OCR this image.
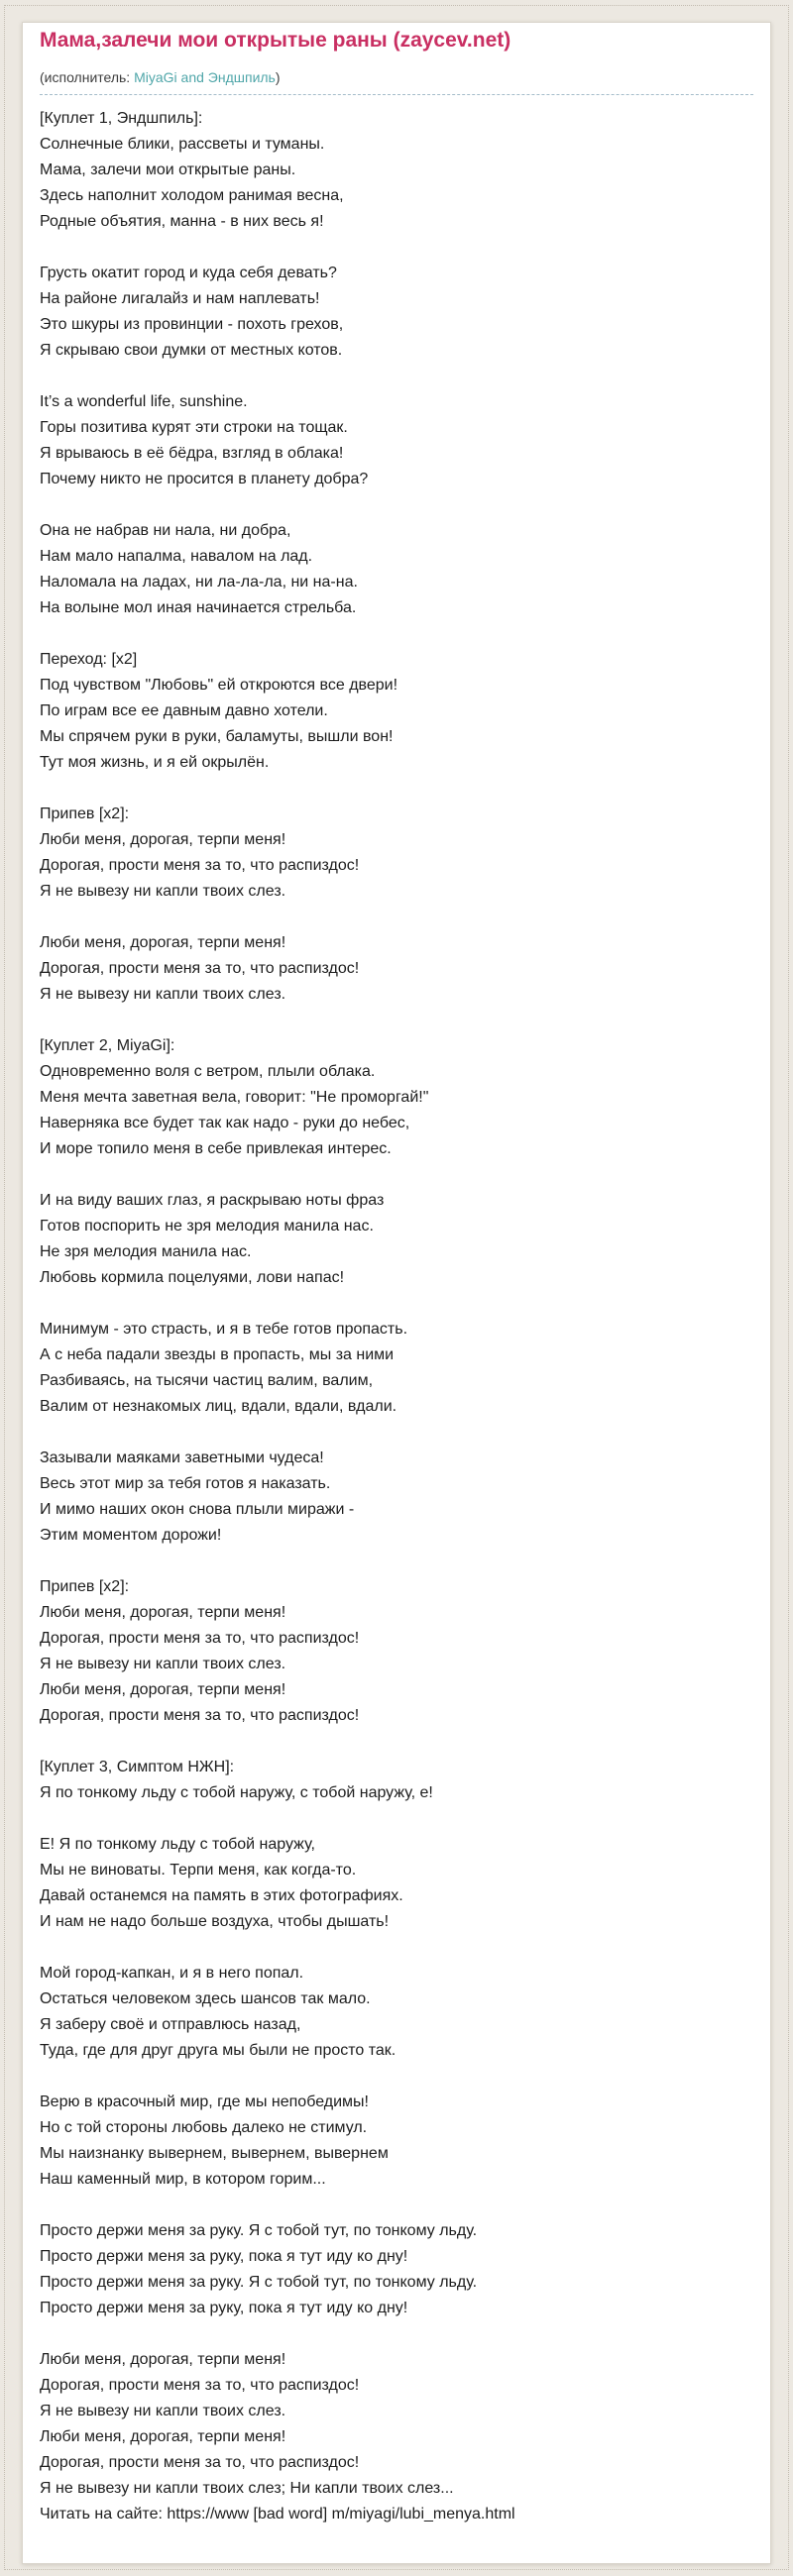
Мама,залечи мои открытые раны (zaycev.net)
(исполнитель: MiyaGi and Эндшпиль)
[Куплет 1, Эндшпиль]:
Солнечные блики, рассветы и туманы.
Мама, залечи мои открытые раны.
Здесь наполнит холодом ранимая весна,
Родные объятия, манна - в них весь я!
Грусть окатит город и куда себя девать?
На районе лигалайз и нам наплевать!
Это шкуры из провинции - похоть грехов,
Я скрываю свои думки от местных котов.
It’s a wonderful life, sunshine.
Горы позитива курят эти строки на тощак.
Я врываюсь в её бёдра, взгляд в облака!
Почему никто не просится в планету добра?
Она не набрав ни нала, ни добра,
Нам мало напалма, навалом на лад.
Наломала на ладах, ни ла-ла-ла, ни на-на.
На волыне мол иная начинается стрельба.
Переход: [x2]
Под чувством "Любовь" ей откроются все двери!
По играм все ее давным давно хотели.
Мы спрячем руки в руки, баламуты, вышли вон!
Тут моя жизнь, и я ей окрылён.
Припев [x2]:
Люби меня, дорогая, терпи меня!
Дорогая, прости меня за то, что распиздос!
Я не вывезу ни капли твоих слез.
Люби меня, дорогая, терпи меня!
Дорогая, прости меня за то, что распиздос!
Я не вывезу ни капли твоих слез.
[Куплет 2, MiyaGi]:
Одновременно воля с ветром, плыли облака.
Меня мечта заветная вела, говорит: "Не проморгай!"
Наверняка все будет так как надо - руки до небес,
И море топило меня в себе привлекая интерес.
И на виду ваших глаз, я раскрываю ноты фраз
Готов поспорить не зря мелодия манила нас.
Не зря мелодия манила нас.
Любовь кормила поцелуями, лови напас!
Минимум - это страсть, и я в тебе готов пропасть.
А с неба падали звезды в пропасть, мы за ними
Разбиваясь, на тысячи частиц валим, валим,
Валим от незнакомых лиц, вдали, вдали, вдали.
Зазывали маяками заветными чудеса!
Весь этот мир за тебя готов я наказать.
И мимо наших окон снова плыли миражи -
Этим моментом дорожи!
Припев [x2]:
Люби меня, дорогая, терпи меня!
Дорогая, прости меня за то, что распиздос!
Я не вывезу ни капли твоих слез.
Люби меня, дорогая, терпи меня!
Дорогая, прости меня за то, что распиздос!
[Куплет 3, Симптом НЖН]:
Я по тонкому льду с тобой наружу, с тобой наружу, е!
Е! Я по тонкому льду с тобой наружу,
Мы не виноваты. Терпи меня, как когда-то.
Давай останемся на память в этих фотографиях.
И нам не надо больше воздуха, чтобы дышать!
Мой город-капкан, и я в него попал.
Остаться человеком здесь шансов так мало.
Я заберу своё и отправлюсь назад,
Туда, где для друг друга мы были не просто так.
Верю в красочный мир, где мы непобедимы!
Но с той стороны любовь далеко не стимул.
Мы наизнанку вывернем, вывернем, вывернем
Наш каменный мир, в котором горим...
Просто держи меня за руку. Я с тобой тут, по тонкому льду.
Просто держи меня за руку, пока я тут иду ко дну!
Просто держи меня за руку. Я с тобой тут, по тонкому льду.
Просто держи меня за руку, пока я тут иду ко дну!
Люби меня, дорогая, терпи меня!
Дорогая, прости меня за то, что распиздос!
Я не вывезу ни капли твоих слез.
Люби меня, дорогая, терпи меня!
Дорогая, прости меня за то, что распиздос!
Я не вывезу ни капли твоих слез; Ни капли твоих слез...
Читать на сайте: https://www [bad word] m/miyagi/lubi_menya.html
